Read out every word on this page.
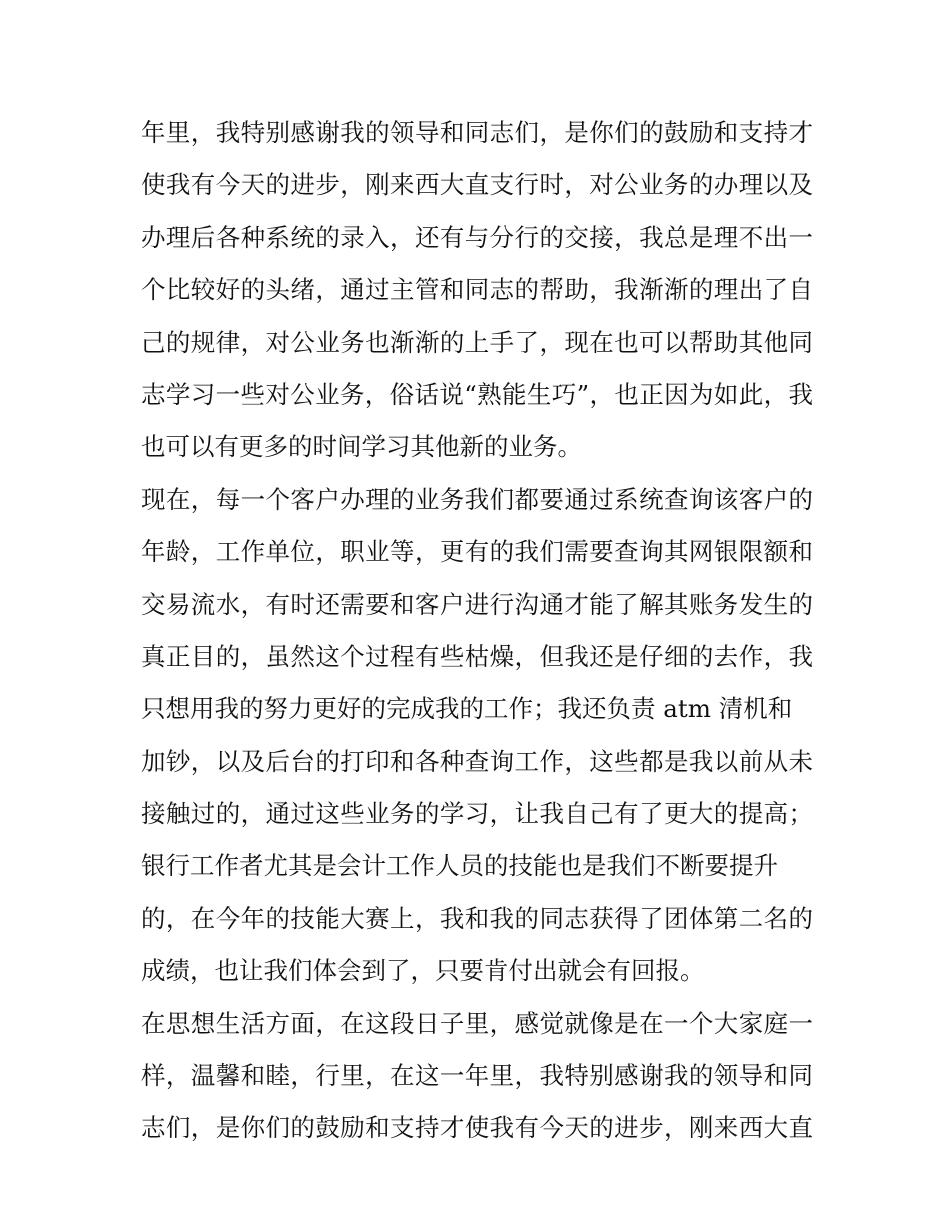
年里，我特别感谢我的领导和同志们，是你们的鼓励和支持才
使我有今天的进步，刚来西大直支行时，对公业务的办理以及
办理后各种系统的录入，还有与分行的交接，我总是理不出一
个比较好的头绪，通过主管和同志的帮助，我渐渐的理出了自
己的规律，对公业务也渐渐的上手了，现在也可以帮助其他同
志学习一些对公业务，俗话说“熟能生巧”，也正因为如此，我
也可以有更多的时间学习其他新的业务。
现在，每一个客户办理的业务我们都要通过系统查询该客户的
年龄，工作单位，职业等，更有的我们需要查询其网银限额和
交易流水，有时还需要和客户进行沟通才能了解其账务发生的
真正目的，虽然这个过程有些枯燥，但我还是仔细的去作，我
只想用我的努力更好的完成我的工作；我还负责 atm 清机和
加钞，以及后台的打印和各种查询工作，这些都是我以前从未
接触过的，通过这些业务的学习，让我自己有了更大的提高；
银行工作者尤其是会计工作人员的技能也是我们不断要提升
的，在今年的技能大赛上，我和我的同志获得了团体第二名的
成绩，也让我们体会到了，只要肯付出就会有回报。
在思想生活方面，在这段日子里，感觉就像是在一个大家庭一
样，温馨和睦，行里，在这一年里，我特别感谢我的领导和同
志们，是你们的鼓励和支持才使我有今天的进步，刚来西大直
